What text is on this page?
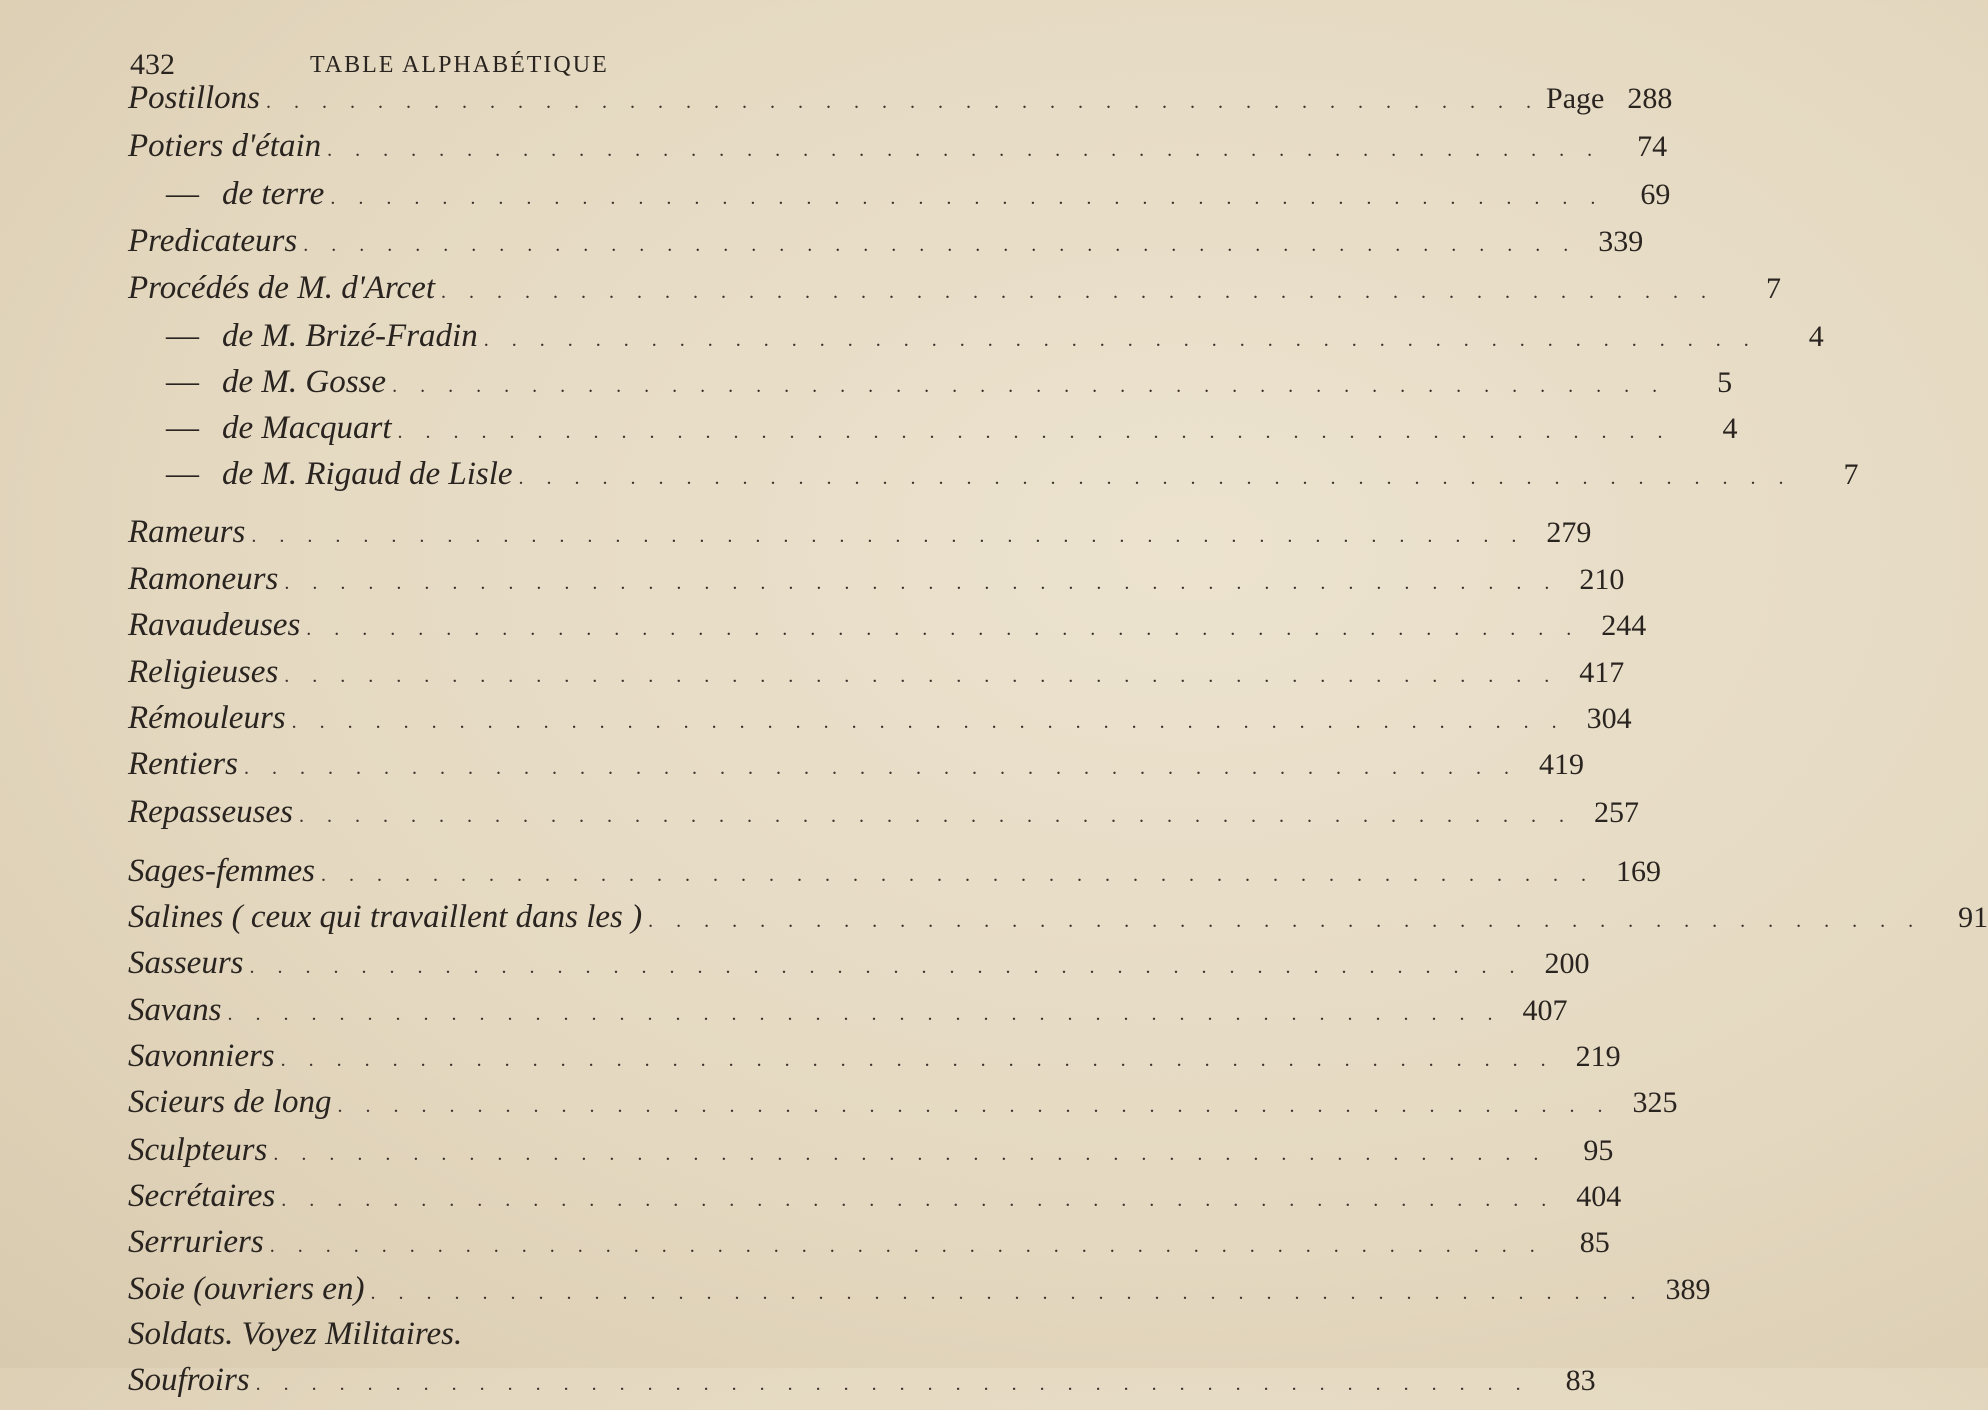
432	TABLE ALPHABÉTIQUE
Postillons . . . . . . . . . . . . . . . . . . . . . . . . . . . . . . . . . . . . . . . . . . . . . . Page 288
Potiers d'étain . . . . . . . . . . . . . . . . . . . . . . . . . . . . . . . . . . . . . . . . . . . . . .	74
— de terre . . . . . . . . . . . . . . . . . . . . . . . . . . . . . . . . . . . . . . . . . . . . . .	69
Predicateurs . . . . . . . . . . . . . . . . . . . . . . . . . . . . . . . . . . . . . . . . . . . . . . 339
Procédés de M. d'Arcet . . . . . . . . . . . . . . . . . . . . . . . . . . . . . . . . . . . . . . . . . . . . . .	7
— de M. Brizé-Fradin . . . . . . . . . . . . . . . . . . . . . . . . . . . . . . . . . . . . . . . . . . . . . .	4
— de M. Gosse . . . . . . . . . . . . . . . . . . . . . . . . . . . . . . . . . . . . . . . . . . . . . .	5
— de Macquart . . . . . . . . . . . . . . . . . . . . . . . . . . . . . . . . . . . . . . . . . . . . . .	4
— de M. Rigaud de Lisle . . . . . . . . . . . . . . . . . . . . . . . . . . . . . . . . . . . . . . . . . . . . . .	7
Rameurs . . . . . . . . . . . . . . . . . . . . . . . . . . . . . . . . . . . . . . . . . . . . . . 279
Ramoneurs . . . . . . . . . . . . . . . . . . . . . . . . . . . . . . . . . . . . . . . . . . . . . . 210
Ravaudeuses . . . . . . . . . . . . . . . . . . . . . . . . . . . . . . . . . . . . . . . . . . . . . . 244
Religieuses . . . . . . . . . . . . . . . . . . . . . . . . . . . . . . . . . . . . . . . . . . . . . . 417
Rémouleurs . . . . . . . . . . . . . . . . . . . . . . . . . . . . . . . . . . . . . . . . . . . . . . 304
Rentiers . . . . . . . . . . . . . . . . . . . . . . . . . . . . . . . . . . . . . . . . . . . . . . 419
Repasseuses . . . . . . . . . . . . . . . . . . . . . . . . . . . . . . . . . . . . . . . . . . . . . . 257
Sages-femmes . . . . . . . . . . . . . . . . . . . . . . . . . . . . . . . . . . . . . . . . . . . . . . 169
Salines ( ceux qui travaillent dans les ) . . . . . . . . . . . . . . . . . . . . . . . . . . . . . . . . . . . . . . . . . . . . . .	91
Sasseurs . . . . . . . . . . . . . . . . . . . . . . . . . . . . . . . . . . . . . . . . . . . . . . 200
Savans . . . . . . . . . . . . . . . . . . . . . . . . . . . . . . . . . . . . . . . . . . . . . . 407
Savonniers . . . . . . . . . . . . . . . . . . . . . . . . . . . . . . . . . . . . . . . . . . . . . . 219
Scieurs de long . . . . . . . . . . . . . . . . . . . . . . . . . . . . . . . . . . . . . . . . . . . . . . 325
Sculpteurs . . . . . . . . . . . . . . . . . . . . . . . . . . . . . . . . . . . . . . . . . . . . . .	95
Secrétaires . . . . . . . . . . . . . . . . . . . . . . . . . . . . . . . . . . . . . . . . . . . . . . 404
Serruriers . . . . . . . . . . . . . . . . . . . . . . . . . . . . . . . . . . . . . . . . . . . . . .	85
Soie (ouvriers en) . . . . . . . . . . . . . . . . . . . . . . . . . . . . . . . . . . . . . . . . . . . . . . 389
Soldats. Voyez Militaires.
Soufroirs . . . . . . . . . . . . . . . . . . . . . . . . . . . . . . . . . . . . . . . . . . . . . .	83
